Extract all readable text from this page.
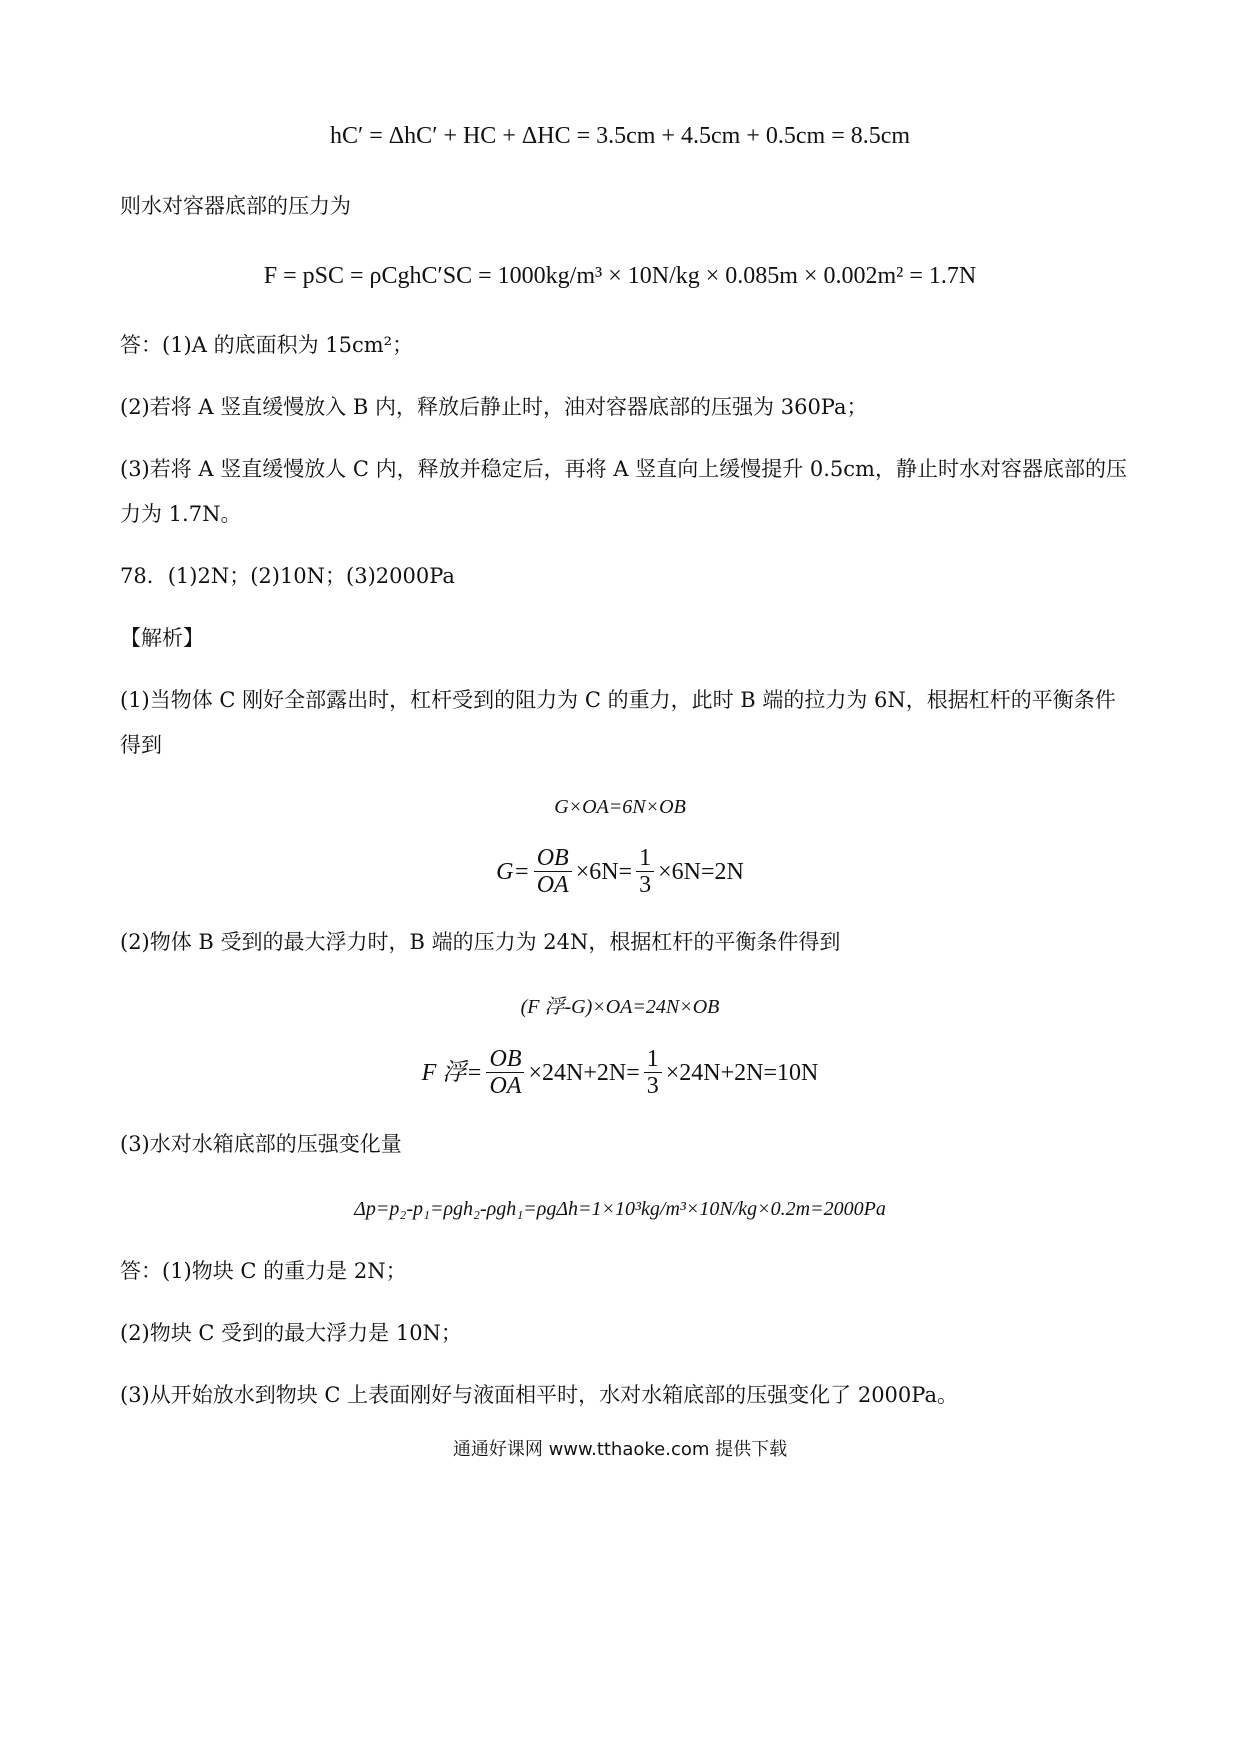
hC′ = ΔhC′ + HC + ΔHC = 3.5cm + 4.5cm + 0.5cm = 8.5cm
则水对容器底部的压力为
F = pSC = ρCghC′SC = 1000kg/m³ × 10N/kg × 0.085m × 0.002m² = 1.7N
答：(1)A 的底面积为 15cm²；
(2)若将 A 竖直缓慢放入 B 内，释放后静止时，油对容器底部的压强为 360Pa；
(3)若将 A 竖直缓慢放人 C 内，释放并稳定后，再将 A 竖直向上缓慢提升 0.5cm，静止时水对容器底部的压
力为 1.7N。
78．(1)2N；(2)10N；(3)2000Pa
【解析】
(1)当物体 C 刚好全部露出时，杠杆受到的阻力为 C 的重力，此时 B 端的拉力为 6N，根据杠杆的平衡条件
得到
G×OA=6N×OB
$G= \frac{OB}{OA} \times 6N= \frac{1}{3} \times 6N=2N$
(2)物体 B 受到的最大浮力时，B 端的压力为 24N，根据杠杆的平衡条件得到
(F 浮-G)×OA=24N×OB
F 浮= $\frac{OB}{OA} \times 24N+2N= \frac{1}{3} \times 24N+2N=10N$
(3)水对水箱底部的压强变化量
Δp=p₂-p₁=ρgh₂-ρgh₁=ρgΔh=1×10³kg/m³×10N/kg×0.2m=2000Pa
答：(1)物块 C 的重力是 2N；
(2)物块 C 受到的最大浮力是 10N；
(3)从开始放水到物块 C 上表面刚好与液面相平时，水对水箱底部的压强变化了 2000Pa。
通通好课网 www.tthaoke.com 提供下载
